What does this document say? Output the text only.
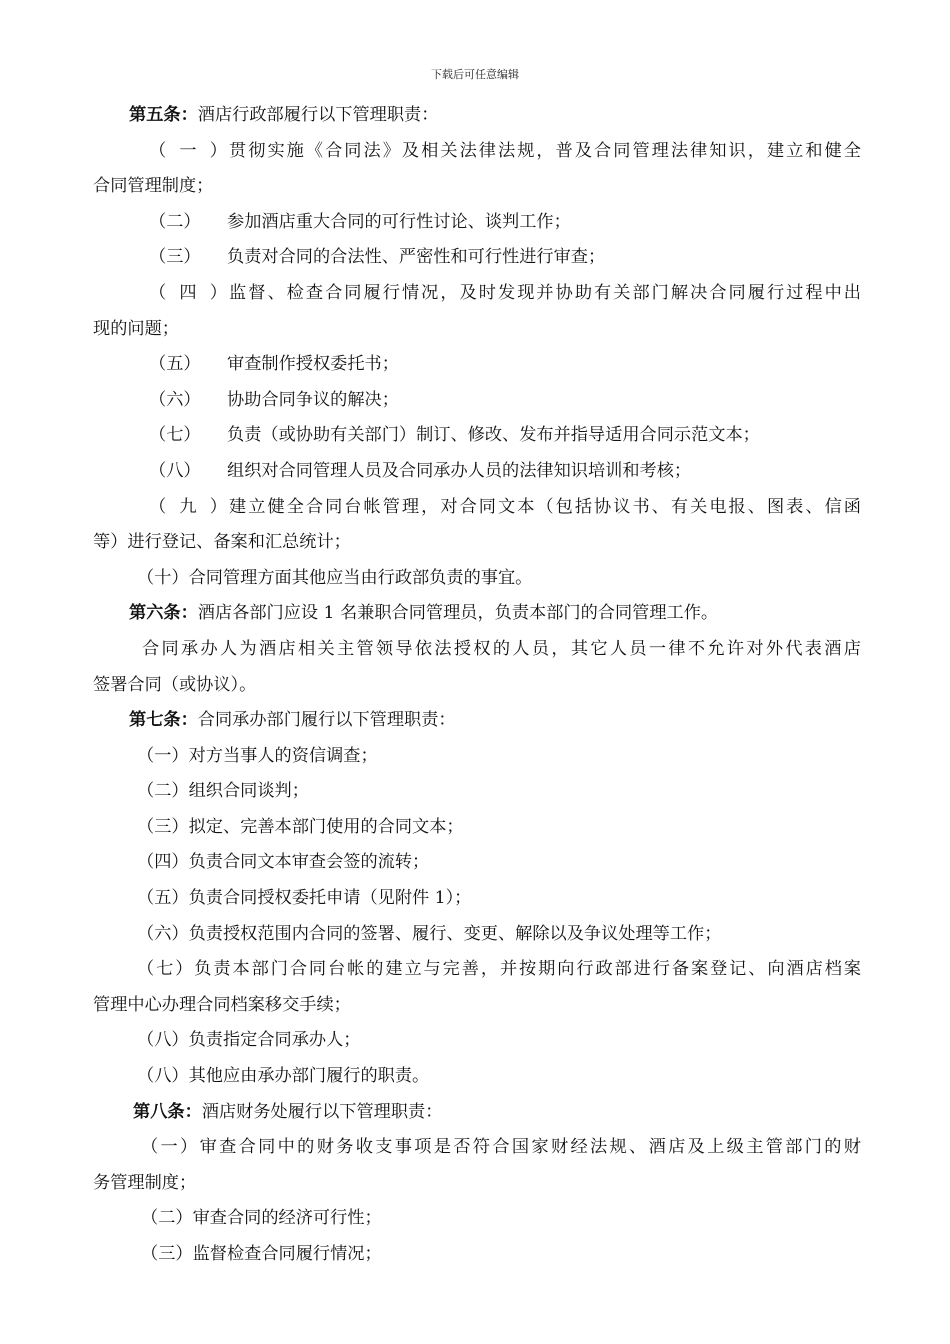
下载后可任意编辑

第五条：酒店行政部履行以下管理职责：

（一）贯彻实施《合同法》及相关法律法规，普及合同管理法律知识，建立和健全

合同管理制度；

（二）	参加酒店重大合同的可行性讨论、谈判工作；
（三）	负责对合同的合法性、严密性和可行性进行审查；

（四）监督、检查合同履行情况，及时发现并协助有关部门解决合同履行过程中出

现的问题；

（五）	审查制作授权委托书；
（六）	协助合同争议的解决；
（七）	负责（或协助有关部门）制订、修改、发布并指导适用合同示范文本；
（八）	组织对合同管理人员及合同承办人员的法律知识培训和考核；

（九）建立健全合同台帐管理，对合同文本（包括协议书、有关电报、图表、信函

等）进行登记、备案和汇总统计；

（十）合同管理方面其他应当由行政部负责的事宜。

第六条：酒店各部门应设 1 名兼职合同管理员，负责本部门的合同管理工作。

合同承办人为酒店相关主管领导依法授权的人员，其它人员一律不允许对外代表酒店

签署合同（或协议）。

第七条：合同承办部门履行以下管理职责：

（一）对方当事人的资信调查；

（二）组织合同谈判；

（三）拟定、完善本部门使用的合同文本；

（四）负责合同文本审查会签的流转；

（五）负责合同授权委托申请（见附件 1）；

（六）负责授权范围内合同的签署、履行、变更、解除以及争议处理等工作；

（七）负责本部门合同台帐的建立与完善，并按期向行政部进行备案登记、向酒店档案

管理中心办理合同档案移交手续；

（八）负责指定合同承办人；

（八）其他应由承办部门履行的职责。

第八条：酒店财务处履行以下管理职责：

（一）审查合同中的财务收支事项是否符合国家财经法规、酒店及上级主管部门的财

务管理制度；

（二）审查合同的经济可行性；

（三）监督检查合同履行情况；
